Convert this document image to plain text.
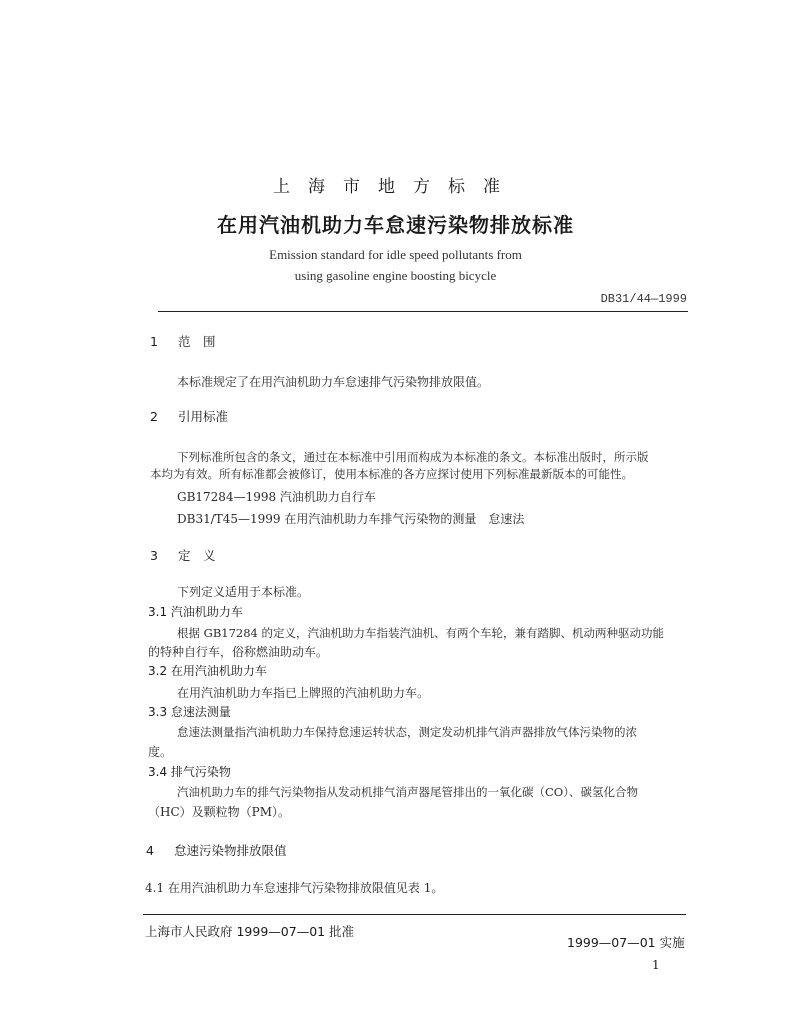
上海市地方标准
在用汽油机助力车怠速污染物排放标准
Emission standard for idle speed pollutants from
using gasoline engine boosting bicycle
DB31/44—1999
1 范　围
本标准规定了在用汽油机助力车怠速排气污染物排放限值。
2 引用标准
下列标准所包含的条文，通过在本标准中引用而构成为本标准的条文。本标准出版时，所示版
本均为有效。所有标准都会被修订，使用本标准的各方应探讨使用下列标准最新版本的可能性。
GB17284—1998 汽油机助力自行车
DB31/T45—1999 在用汽油机助力车排气污染物的测量　怠速法
3 定　义
下列定义适用于本标准。
3.1 汽油机助力车
根据 GB17284 的定义，汽油机助力车指装汽油机、有两个车轮，兼有踏脚、机动两种驱动功能
的特种自行车，俗称燃油助动车。
3.2 在用汽油机助力车
在用汽油机助力车指已上牌照的汽油机助力车。
3.3 怠速法测量
怠速法测量指汽油机助力车保持怠速运转状态，测定发动机排气消声器排放气体污染物的浓
度。
3.4 排气污染物
汽油机助力车的排气污染物指从发动机排气消声器尾管排出的一氧化碳（CO）、碳氢化合物
（HC）及颗粒物（PM）。
4 怠速污染物排放限值
4.1 在用汽油机助力车怠速排气污染物排放限值见表 1。
上海市人民政府 1999—07—01 批准
1999—07—01 实施
1
